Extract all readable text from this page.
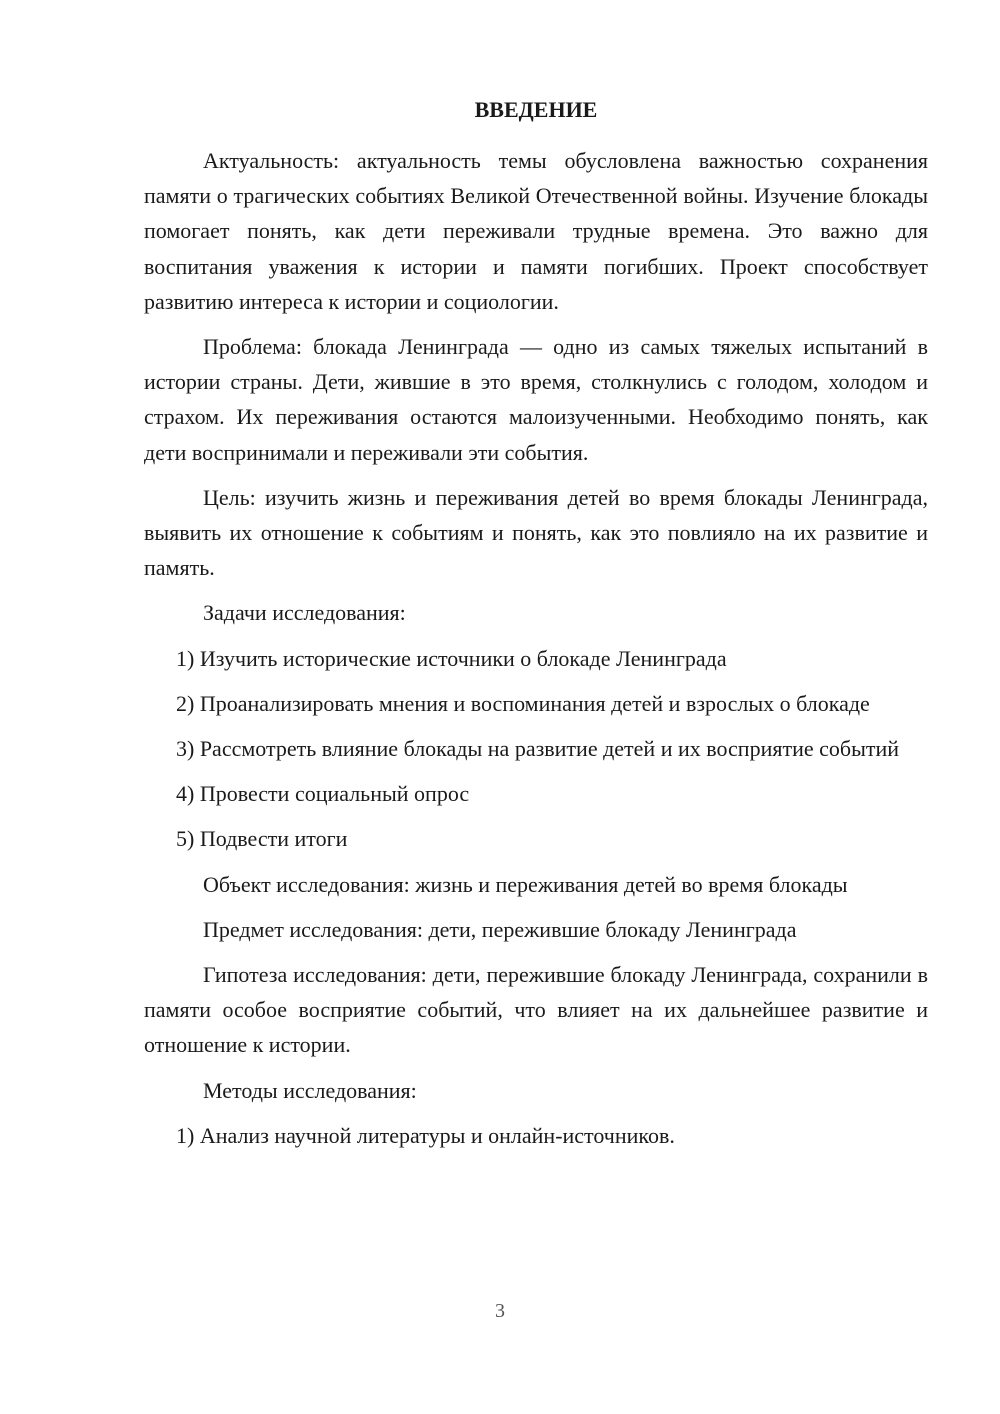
ВВЕДЕНИЕ

Актуальность: актуальность темы обусловлена важностью сохранения памяти о трагических событиях Великой Отечественной войны. Изучение блокады помогает понять, как дети переживали трудные времена. Это важно для воспитания уважения к истории и памяти погибших. Проект способствует развитию интереса к истории и социологии.

Проблема: блокада Ленинграда — одно из самых тяжелых испытаний в истории страны. Дети, жившие в это время, столкнулись с голодом, холодом и страхом. Их переживания остаются малоизученными. Необходимо понять, как дети воспринимали и переживали эти события.

Цель: изучить жизнь и переживания детей во время блокады Ленинграда, выявить их отношение к событиям и понять, как это повлияло на их развитие и память.

Задачи исследования:

1) Изучить исторические источники о блокаде Ленинграда

2) Проанализировать мнения и воспоминания детей и взрослых о блокаде

3) Рассмотреть влияние блокады на развитие детей и их восприятие событий

4) Провести социальный опрос

5) Подвести итоги

Объект исследования: жизнь и переживания детей во время блокады

Предмет исследования: дети, пережившие блокаду Ленинграда

Гипотеза исследования: дети, пережившие блокаду Ленинграда, сохранили в памяти особое восприятие событий, что влияет на их дальнейшее развитие и отношение к истории.

Методы исследования:

1) Анализ научной литературы и онлайн-источников.

3
